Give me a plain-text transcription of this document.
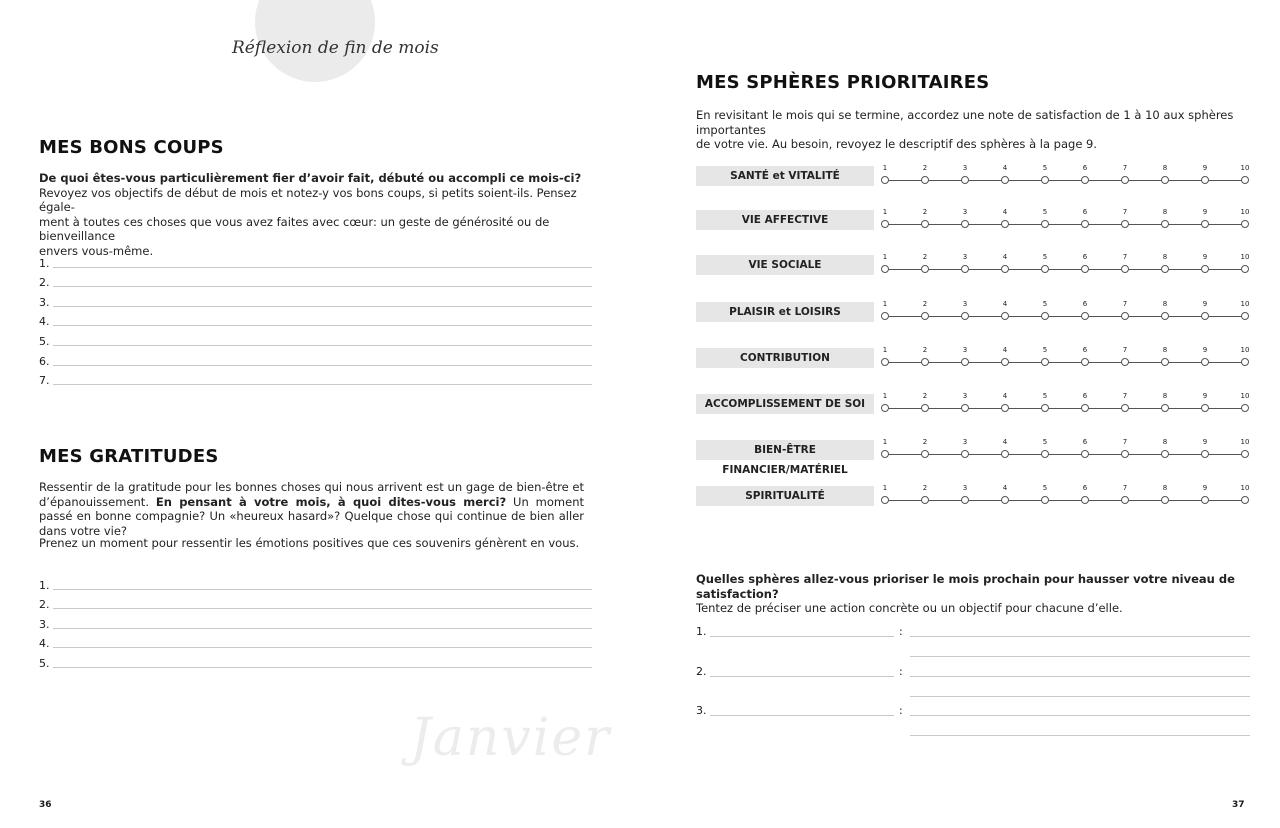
Réflexion de fin de mois
MES BONS COUPS
De quoi êtes-vous particulièrement fier d’avoir fait, débuté ou accompli ce mois-ci?
Revoyez vos objectifs de début de mois et notez-y vos bons coups, si petits soient-ils. Pensez égale-
ment à toutes ces choses que vous avez faites avec cœur: un geste de générosité ou de bienveillance
envers vous-même.
1.
2.
3.
4.
5.
6.
7.
MES GRATITUDES
Ressentir de la gratitude pour les bonnes choses qui nous arrivent est un gage de bien-être et d’épanouissement. En pensant à votre mois, à quoi dites-vous merci? Un moment passé en bonne compagnie? Un «heureux hasard»? Quelque chose qui continue de bien aller dans votre vie?
Prenez un moment pour ressentir les émotions positives que ces souvenirs génèrent en vous.
1.
2.
3.
4.
5.
Janvier
36
MES SPHÈRES PRIORITAIRES
En revisitant le mois qui se termine, accordez une note de satisfaction de 1 à 10 aux sphères importantes
de votre vie. Au besoin, revoyez le descriptif des sphères à la page 9.
SANTÉ et VITALITÉ
1	2	3	4	5	6	7	8	9	10
VIE AFFECTIVE
1	2	3	4	5	6	7	8	9	10
VIE SOCIALE
1	2	3	4	5	6	7	8	9	10
PLAISIR et LOISIRS
1	2	3	4	5	6	7	8	9	10
CONTRIBUTION
1	2	3	4	5	6	7	8	9	10
ACCOMPLISSEMENT DE SOI
1	2	3	4	5	6	7	8	9	10
BIEN-ÊTRE FINANCIER/MATÉRIEL
1	2	3	4	5	6	7	8	9	10
SPIRITUALITÉ
1	2	3	4	5	6	7	8	9	10
Quelles sphères allez-vous prioriser le mois prochain pour hausser votre niveau de satisfaction?
Tentez de préciser une action concrète ou un objectif pour chacune d’elle.
1.	:
2.	:
3.	:
37
